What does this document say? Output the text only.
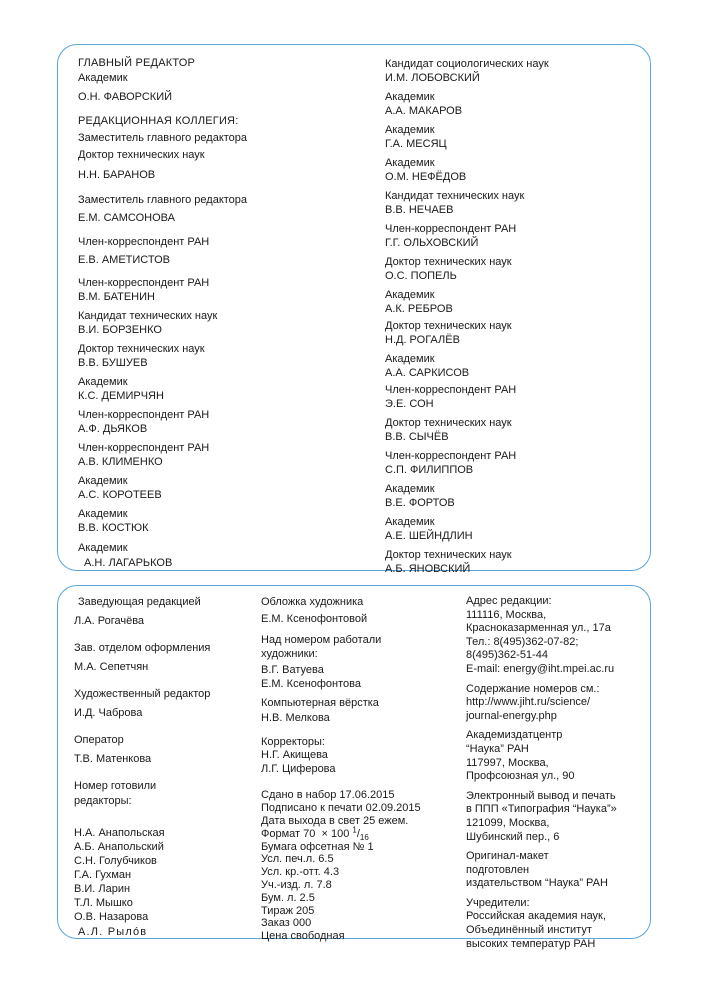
ГЛАВНЫЙ РЕДАКТОР
Академик
О.Н. ФАВОРСКИЙ
РЕДАКЦИОННАЯ КОЛЛЕГИЯ:
Заместитель главного редактора
Доктор технических наук
Н.Н. БАРАНОВ
Заместитель главного редактора
Е.М. САМСОНОВА
Член-корреспондент РАН
Е.В. АМЕТИСТОВ
Член-корреспондент РАН
В.М. БАТЕНИН
Кандидат технических наук
В.И. БОРЗЕНКО
Доктор технических наук
В.В. БУШУЕВ
Академик
К.С. ДЕМИРЧЯН
Член-корреспондент РАН
А.Ф. ДЬЯКОВ
Член-корреспондент РАН
А.В. КЛИМЕНКО
Академик
А.С. КОРОТЕЕВ
Академик
В.В. КОСТЮК
Академик
А.Н. ЛАГАРЬКОВ
Кандидат социологических наук
И.М. ЛОБОВСКИЙ
Академик
А.А. МАКАРОВ
Академик
Г.А. МЕСЯЦ
Академик
О.М. НЕФЁДОВ
Кандидат технических наук
В.В. НЕЧАЕВ
Член-корреспондент РАН
Г.Г. ОЛЬХОВСКИЙ
Доктор технических наук
О.С. ПОПЕЛЬ
Академик
А.К. РЕБРОВ
Доктор технических наук
Н.Д. РОГАЛЁВ
Академик
А.А. САРКИСОВ
Член-корреспондент РАН
Э.Е. СОН
Доктор технических наук
В.В. СЫЧЁВ
Член-корреспондент РАН
С.П. ФИЛИППОВ
Академик
В.Е. ФОРТОВ
Академик
А.Е. ШЕЙНДЛИН
Доктор технических наук
А.Б. ЯНОВСКИЙ
Заведующая редакцией
Л.А. Рогачёва
Зав. отделом оформления
М.А. Сепетчян
Художественный редактор
И.Д. Чаброва
Оператор
Т.В. Матенкова
Номер готовили
редакторы:
Н.А. Анапольская
А.Б. Анапольский
С.Н. Голубчиков
Г.А. Гухман
В.И. Ларин
Т.Л. Мышко
О.В. Назарова
А.Л. Рылóв
Обложка художника
Е.М. Ксенофонтовой
Над номером работали
художники:
В.Г. Ватуева
Е.М. Ксенофонтова
Компьютерная вёрстка
Н.В. Мелкова
Корректоры:
Н.Г. Акищева
Л.Г. Циферова
Сдано в набор 17.06.2015
Подписано к печати 02.09.2015
Дата выхода в свет 25 ежем.
Формат 70 × 100 $^1/_{16}$
Бумага офсетная № 1
Усл. печ.л. 6.5
Усл. кр.-отт. 4.3
Уч.-изд. л. 7.8
Бум. л. 2.5
Тираж 205
Заказ 000
Цена свободная
Адрес редакции:
111116, Москва,
Красноказарменная ул., 17а
Тел.: 8(495)362-07-82;
8(495)362-51-44
E-mail: energy@iht.mpei.ac.ru
Содержание номеров см.:
http://www.jiht.ru/science/
journal-energy.php
Академиздатцентр
“Наука” РАН
117997, Москва,
Профсоюзная ул., 90
Электронный вывод и печать
в ППП «Типография “Наука”»
121099, Москва,
Шубинский пер., 6
Оригинал-макет
подготовлен
издательством “Наука” РАН
Учредители:
Российская академия наук,
Объединённый институт
высоких температур РАН
